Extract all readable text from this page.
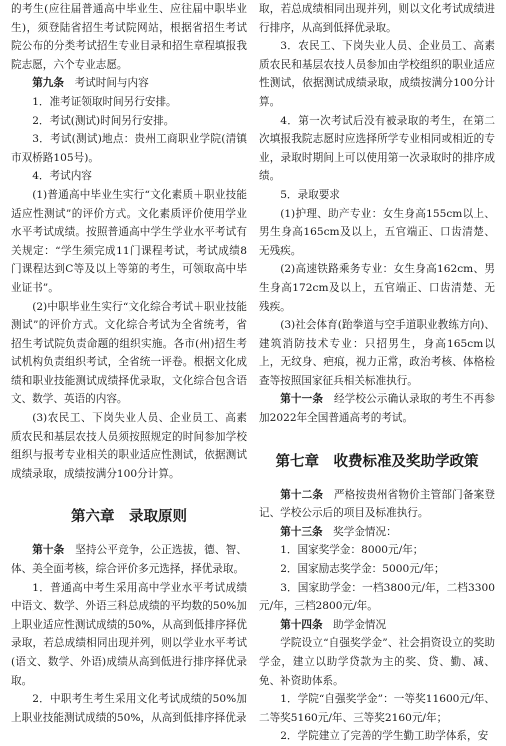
的考生(应往届普通高中毕业生、应往届中职毕业生)，须登陆省招生考试院网站，根据省招生考试院公布的分类考试招生专业目录和招生章程填报我院志愿，六个专业志愿。

第九条　 考试时间与内容

1．准考证领取时间另行安排。

2．考试(测试)时间另行安排。

3．考试(测试)地点：贵州工商职业学院(清镇市双桥路105号)。

4．考试内容

(1)普通高中毕业生实行“文化素质＋职业技能适应性测试”的评价方式。文化素质评价使用学业水平考试成绩。按照普通高中学生学业水平考试有关规定：“学生须完成11门课程考试，考试成绩8门课程达到C等及以上等第的考生，可领取高中毕业证书”。

(2)中职毕业生实行“文化综合考试＋职业技能测试”的评价方式。文化综合考试为全省统考，省招生考试院负责命题的组织实施。各市(州)招生考试机构负责组织考试，全省统一评卷。根据文化成绩和职业技能测试成绩择优录取，文化综合包含语文、数学、英语的内容。

(3)农民工、下岗失业人员、企业员工、高素质农民和基层农技人员须按照规定的时间参加学校组织与报考专业相关的职业适应性测试，依据测试成绩录取，成绩按满分100分计算。

第六章　录取原则

第十条　 坚持公平竞争，公正选拔，德、智、体、美全面考核，综合评价多元选择，择优录取。

1．普通高中考生采用高中学业水平考试成绩中语文、数学、外语三科总成绩的平均数的50%加上职业适应性测试成绩的50%，从高到低排序择优录取，若总成绩相同出现并列，则以学业水平考试(语文、数学、外语)成绩从高到低进行排序择优录取。

2．中职考生考生采用文化考试成绩的50%加上职业技能测试成绩的50%，从高到低排序择优录

取，若总成绩相同出现并列，则以文化考试成绩进行排序，从高到低择优录取。

3．农民工、下岗失业人员、企业员工、高素质农民和基层农技人员参加由学校组织的职业适应性测试，依据测试成绩录取，成绩按满分100分计算。

4．第一次考试后没有被录取的考生，在第二次填报我院志愿时应选择所学专业相同或相近的专业，录取时期间上可以使用第一次录取时的排序成绩。

5．录取要求

(1)护理、助产专业：女生身高155cm以上、男生身高165cm及以上，五官端正、口齿清楚、无残疾。

(2)高速铁路乘务专业：女生身高162cm、男生身高172cm及以上，五官端正、口齿清楚、无残疾。

(3)社会体育(跆拳道与空手道职业教练方向)、建筑消防技术专业：只招男生，身高165cm以上，无纹身、疤痕，视力正常，政治考核、体格检查等按照国家征兵相关标准执行。

第十一条　 经学校公示确认录取的考生不再参加2022年全国普通高考的考试。

第七章　收费标准及奖助学政策

第十二条　 严格按贵州省物价主管部门备案登记、学校公示后的项目及标准执行。

第十三条　 奖学金情况：

1．国家奖学金：8000元/年；

2．国家励志奖学金：5000元/年；

3．国家助学金：一档3800元/年，二档3300元/年，三档2800元/年。

第十四条　 助学金情况

学院设立“自强奖学金”、社会捐资设立的奖助学金，建立以助学贷款为主的奖、贷、勤、减、免、补资助体系。

1．学院“自强奖学金”：一等奖11600元/年、二等奖5160元/年、三等奖2160元/年；

2．学院建立了完善的学生勤工助学体系，安
